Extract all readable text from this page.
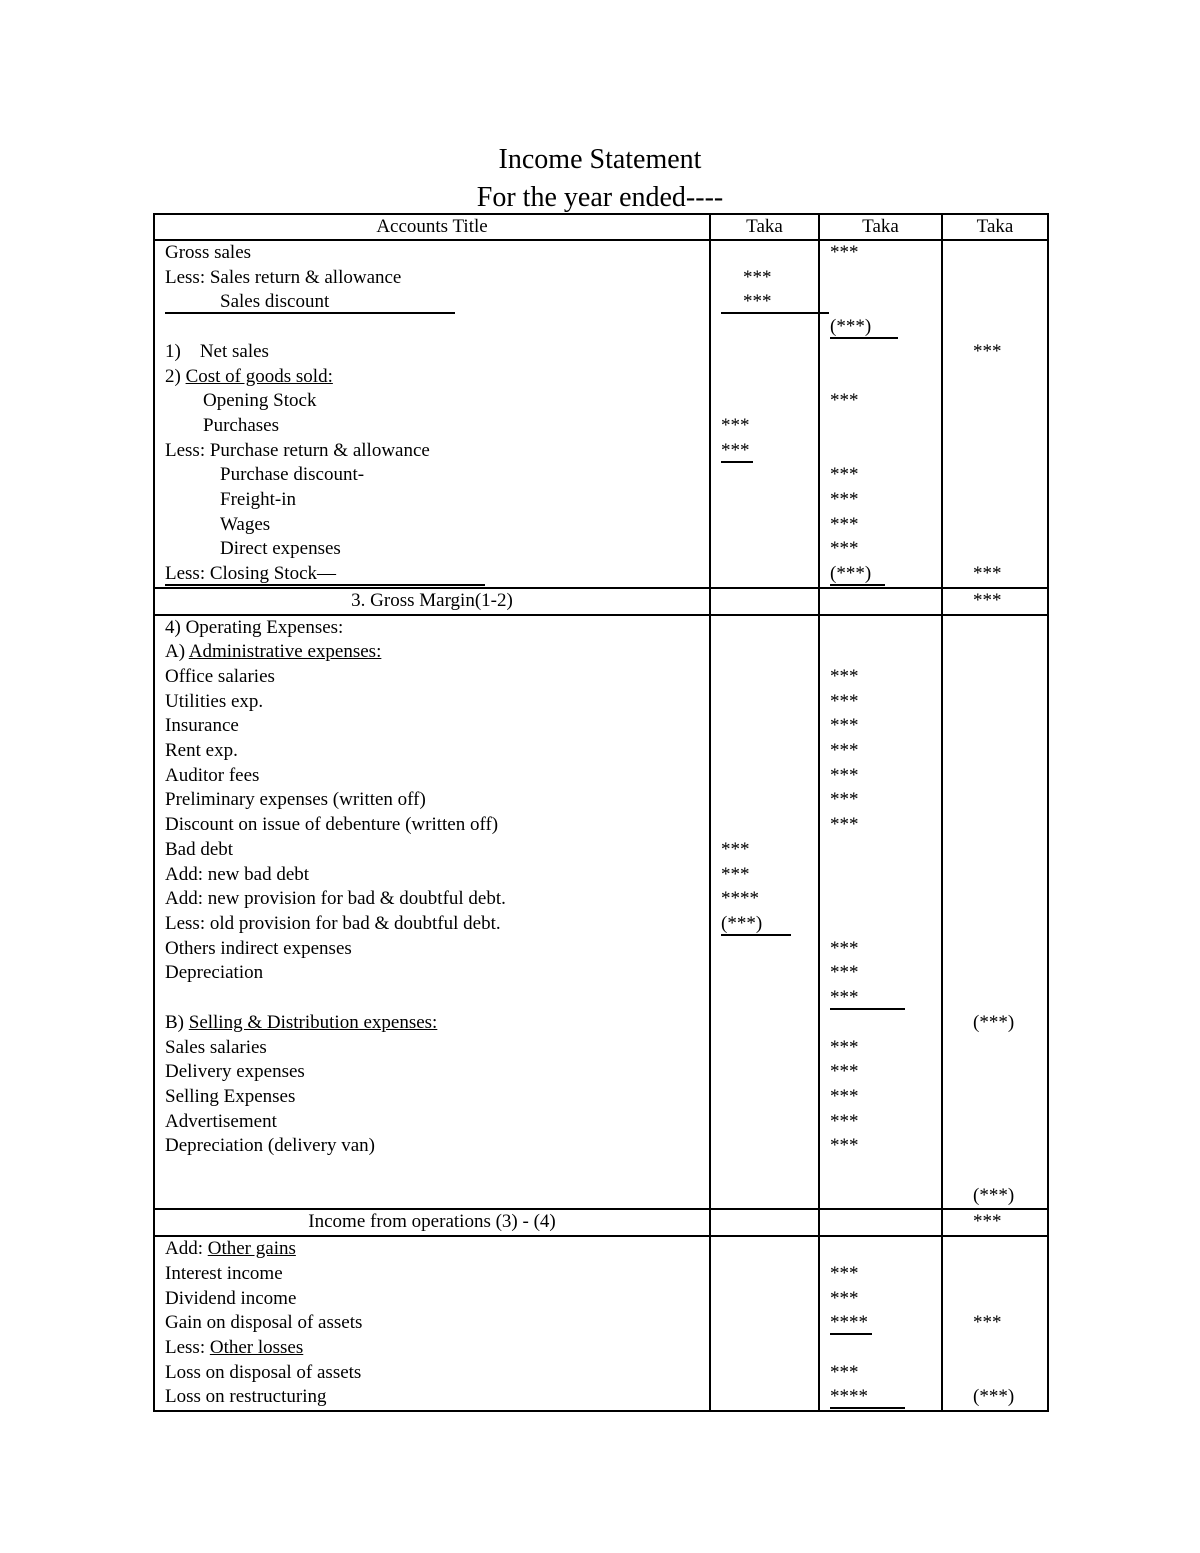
Income Statement
For the year ended----
Accounts Title	Taka	Taka	Taka
Gross sales		***	
Less: Sales return & allowance	***		
Sales discount	***		
		(***)	
1)    Net sales			***
2) Cost of goods sold:			
Opening Stock		***	
Purchases	***		
Less: Purchase return & allowance	***		
Purchase discount-		***	
Freight-in		***	
Wages		***	
Direct expenses		***	
Less: Closing Stock—		(***)	***
3. Gross Margin(1-2)			***
4) Operating Expenses:			
A) Administrative expenses:			
Office salaries		***	
Utilities exp.		***	
Insurance		***	
Rent exp.		***	
Auditor fees		***	
Preliminary expenses (written off)		***	
Discount on issue of debenture (written off)		***	
Bad debt	***		
Add: new bad debt	***		
Add: new provision for bad & doubtful debt.	****		
Less: old provision for bad & doubtful debt.	(***)		
Others indirect expenses		***	
Depreciation		***	
		***	
B) Selling & Distribution expenses:			(***)
Sales salaries		***	
Delivery expenses		***	
Selling Expenses		***	
Advertisement		***	
Depreciation (delivery van)		***	

			(***)
Income from operations (3) - (4)			***
Add: Other gains			
Interest income		***	
Dividend income		***	
Gain on disposal of assets		****	***
Less: Other losses			
Loss on disposal of assets		***	
Loss on restructuring		****	(***)
